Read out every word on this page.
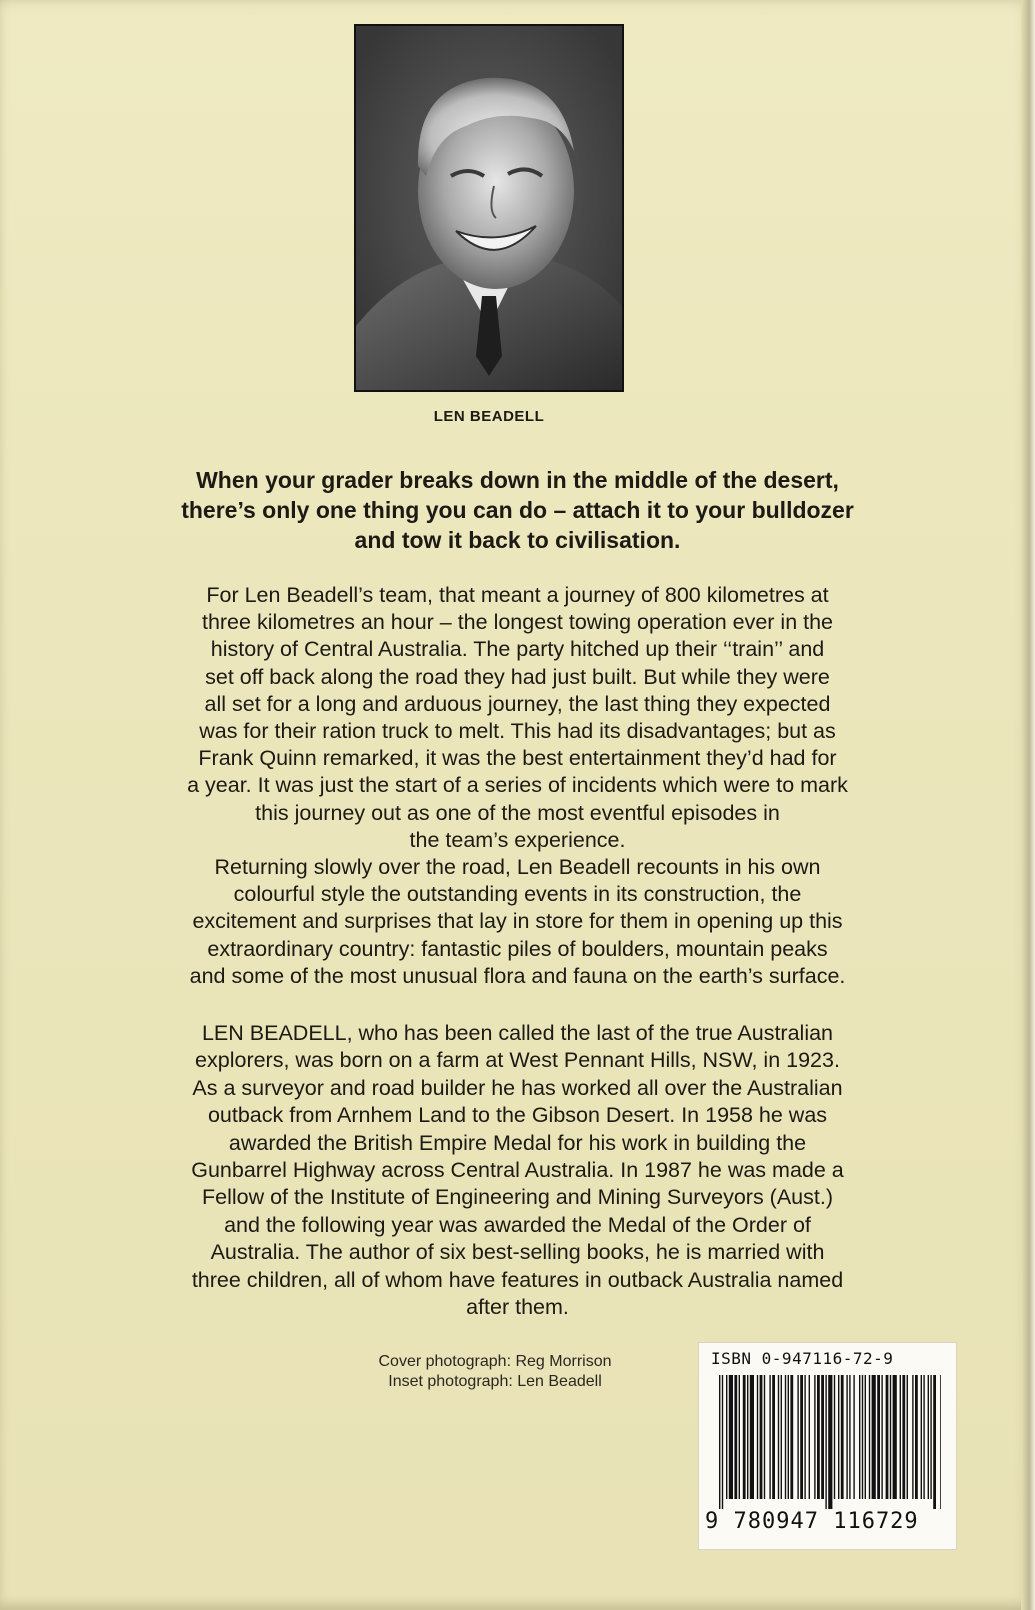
LEN BEADELL

When your grader breaks down in the middle of the desert,
there’s only one thing you can do – attach it to your bulldozer
and tow it back to civilisation.

For Len Beadell’s team, that meant a journey of 800 kilometres at
three kilometres an hour – the longest towing operation ever in the
history of Central Australia. The party hitched up their ‘‘train’’ and
set off back along the road they had just built. But while they were
all set for a long and arduous journey, the last thing they expected
was for their ration truck to melt. This had its disadvantages; but as
Frank Quinn remarked, it was the best entertainment they’d had for
a year. It was just the start of a series of incidents which were to mark
this journey out as one of the most eventful episodes in
the team’s experience.
Returning slowly over the road, Len Beadell recounts in his own
colourful style the outstanding events in its construction, the
excitement and surprises that lay in store for them in opening up this
extraordinary country: fantastic piles of boulders, mountain peaks
and some of the most unusual flora and fauna on the earth’s surface.

LEN BEADELL, who has been called the last of the true Australian
explorers, was born on a farm at West Pennant Hills, NSW, in 1923.
As a surveyor and road builder he has worked all over the Australian
outback from Arnhem Land to the Gibson Desert. In 1958 he was
awarded the British Empire Medal for his work in building the
Gunbarrel Highway across Central Australia. In 1987 he was made a
Fellow of the Institute of Engineering and Mining Surveyors (Aust.)
and the following year was awarded the Medal of the Order of
Australia. The author of six best-selling books, he is married with
three children, all of whom have features in outback Australia named
after them.

Cover photograph: Reg Morrison
Inset photograph: Len Beadell
ISBN 0-947116-72-9
9 780947 116729
